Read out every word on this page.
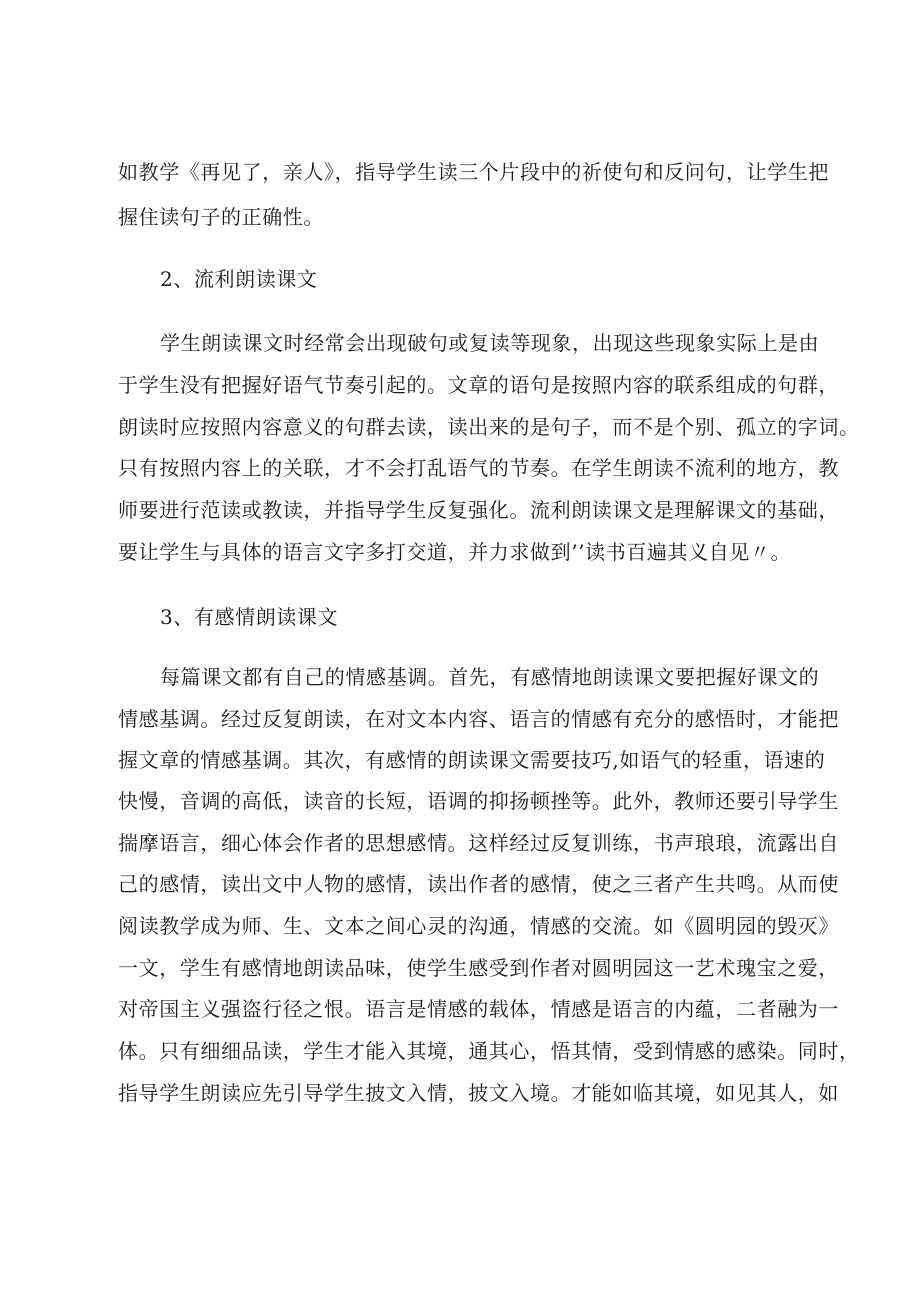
如教学《再见了，亲人》，指导学生读三个片段中的祈使句和反问句，让学生把
握住读句子的正确性。
2、流利朗读课文
学生朗读课文时经常会出现破句或复读等现象，出现这些现象实际上是由
于学生没有把握好语气节奏引起的。文章的语句是按照内容的联系组成的句群，
朗读时应按照内容意义的句群去读，读出来的是句子，而不是个别、孤立的字词。
只有按照内容上的关联，才不会打乱语气的节奏。在学生朗读不流利的地方，教
师要进行范读或教读，并指导学生反复强化。流利朗读课文是理解课文的基础，
要让学生与具体的语言文字多打交道，并力求做到’’读书百遍其义自见〃。
3、有感情朗读课文
每篇课文都有自己的情感基调。首先，有感情地朗读课文要把握好课文的
情感基调。经过反复朗读，在对文本内容、语言的情感有充分的感悟时，才能把
握文章的情感基调。其次，有感情的朗读课文需要技巧,如语气的轻重，语速的
快慢，音调的高低，读音的长短，语调的抑扬顿挫等。此外，教师还要引导学生
揣摩语言，细心体会作者的思想感情。这样经过反复训练，书声琅琅，流露出自
己的感情，读出文中人物的感情，读出作者的感情，使之三者产生共鸣。从而使
阅读教学成为师、生、文本之间心灵的沟通，情感的交流。如《圆明园的毁灭》
一文，学生有感情地朗读品味，使学生感受到作者对圆明园这一艺术瑰宝之爱，
对帝国主义强盗行径之恨。语言是情感的载体，情感是语言的内蕴，二者融为一
体。只有细细品读，学生才能入其境，通其心，悟其情，受到情感的感染。同时，
指导学生朗读应先引导学生披文入情，披文入境。才能如临其境，如见其人，如
